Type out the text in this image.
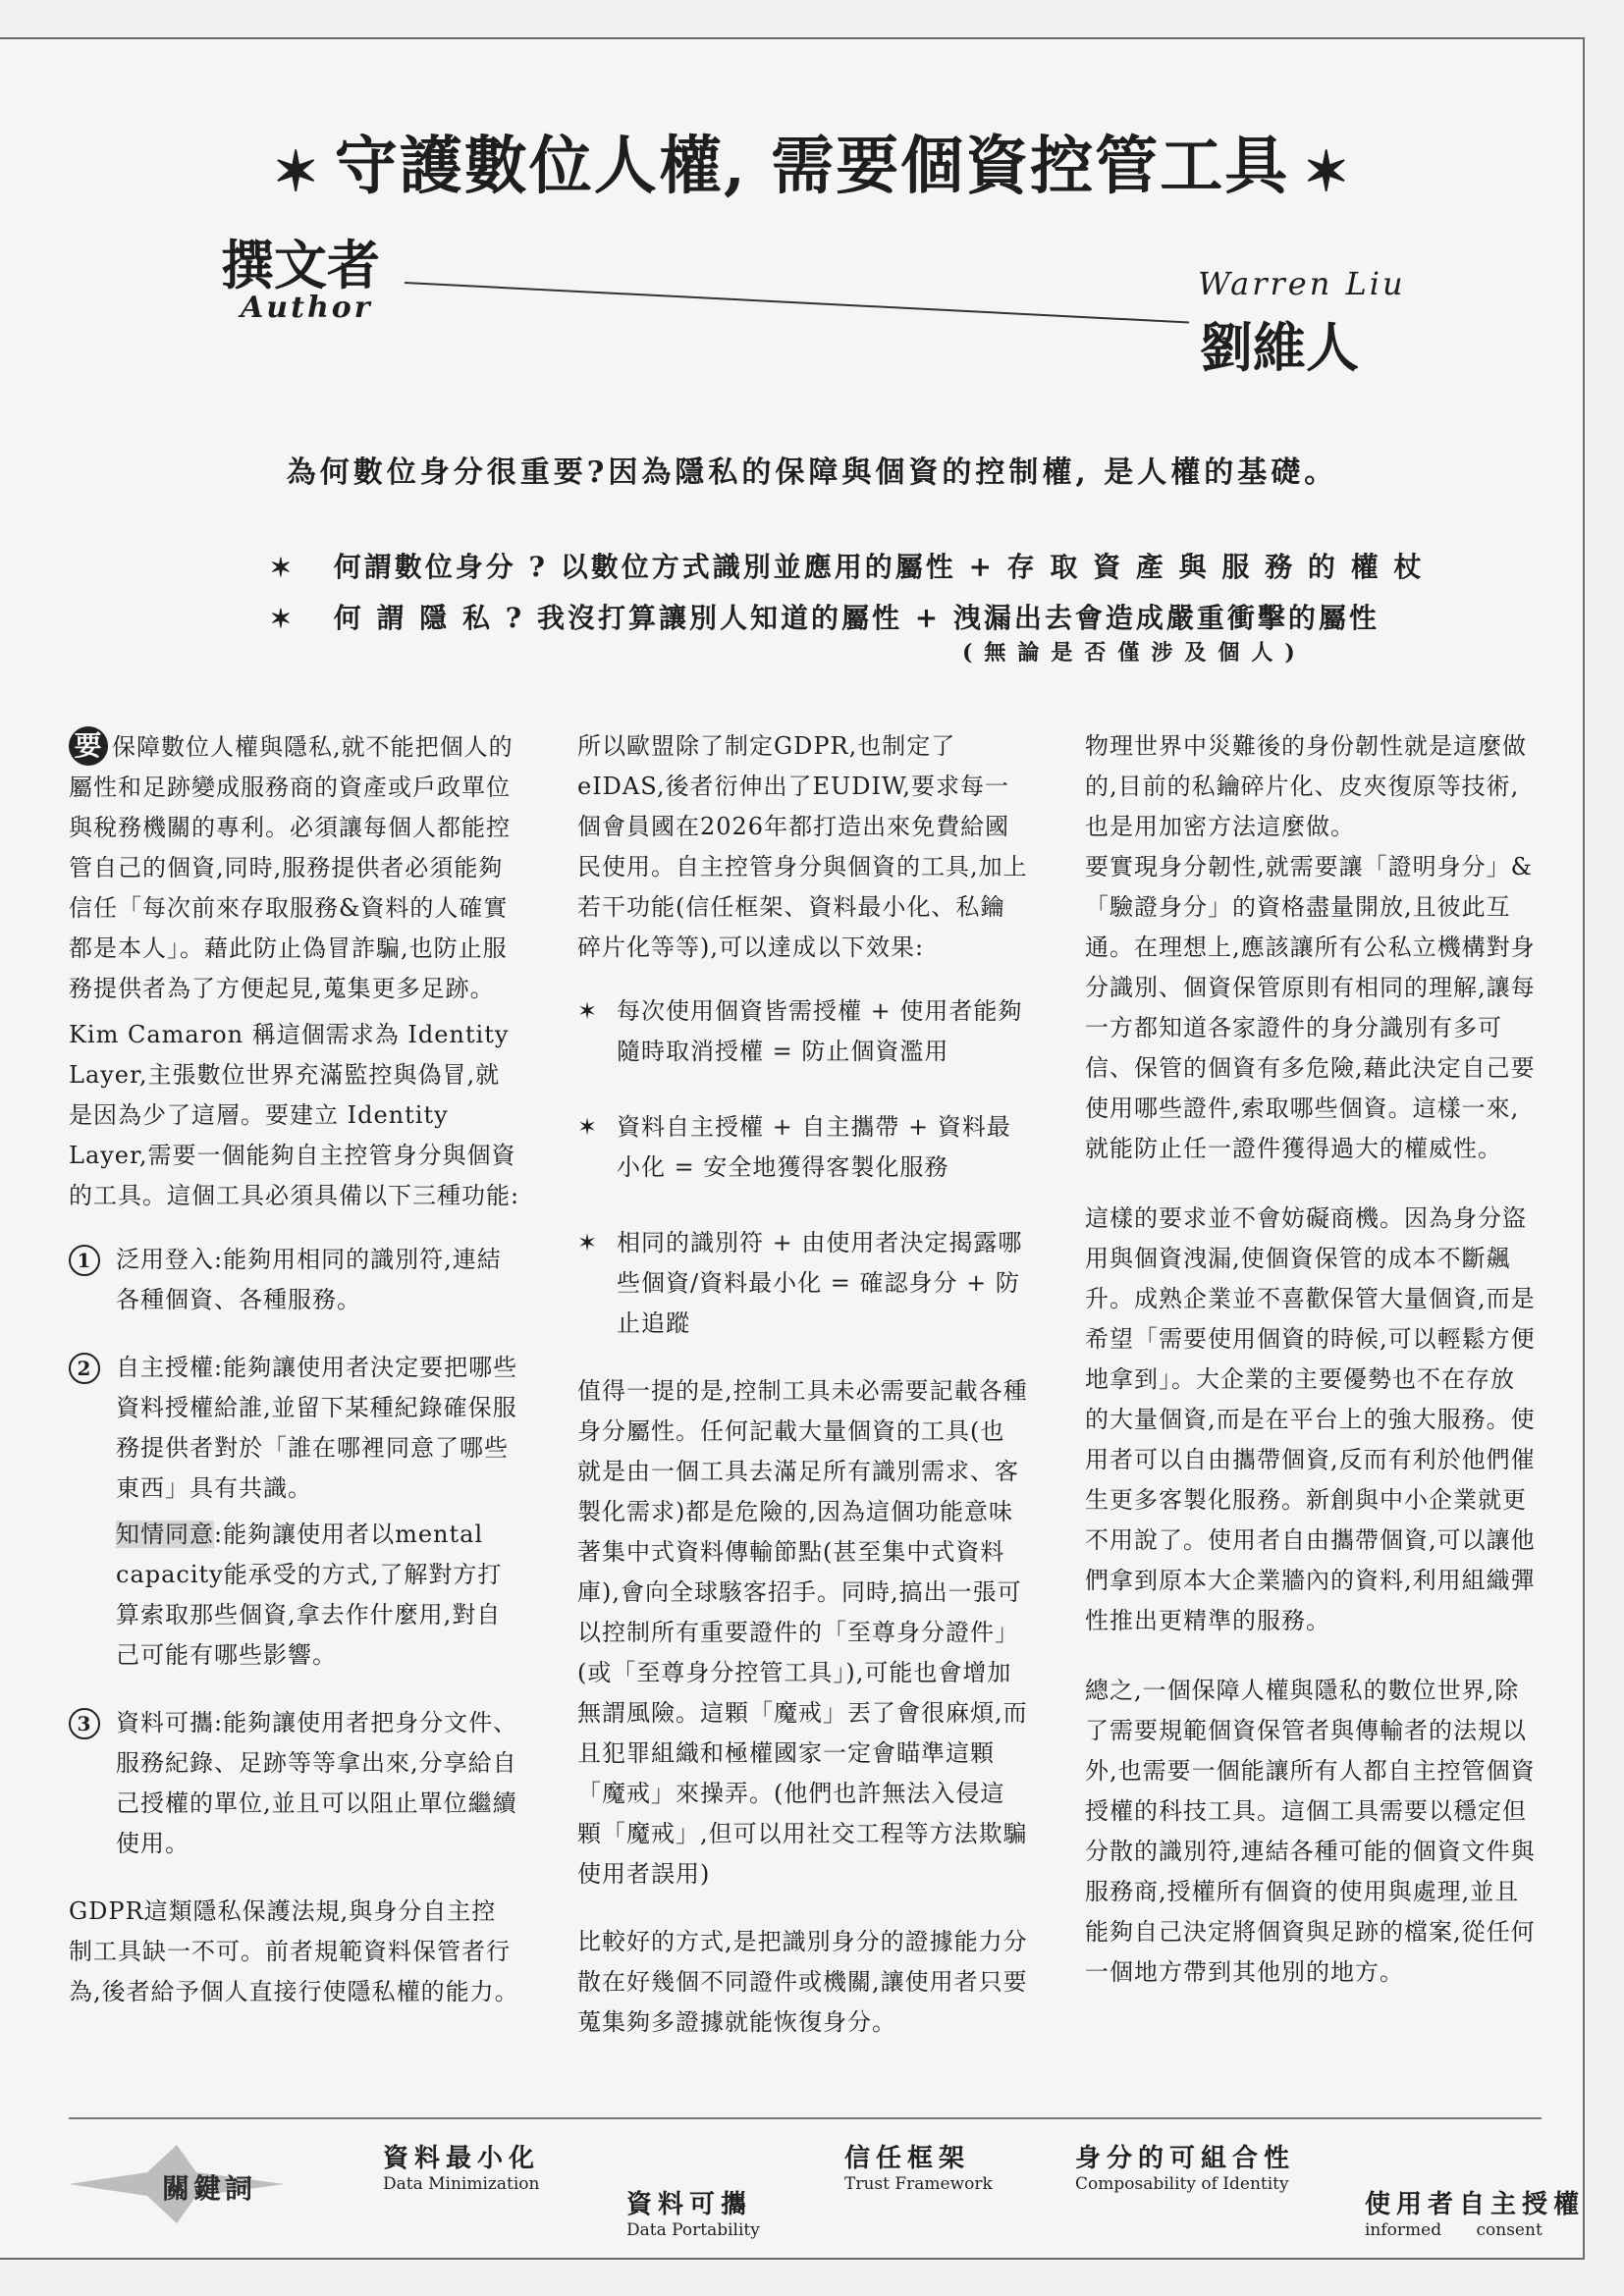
✶ 守護數位人權, 需要個資控管工具 ✶
撰文者
Author
Warren Liu
劉維人
為何數位身分很重要?因為隱私的保障與個資的控制權, 是人權的基礎。
✶ 何謂數位身分 ? 以數位方式識別並應用的屬性 + 存 取 資 產 與 服 務 的 權 杖
✶ 何 謂 隱 私 ? 我沒打算讓別人知道的屬性 + 洩漏出去會造成嚴重衝擊的屬性
(無論是否僅涉及個人)

要 保障數位人權與隱私,就不能把個人的屬性和足跡變成服務商的資產或戶政單位與稅務機關的專利。必須讓每個人都能控管自己的個資,同時,服務提供者必須能夠信任「每次前來存取服務&資料的人確實都是本人」。藉此防止偽冒詐騙,也防止服務提供者為了方便起見,蒐集更多足跡。

Kim Camaron 稱這個需求為 Identity Layer,主張數位世界充滿監控與偽冒,就是因為少了這層。要建立 Identity Layer,需要一個能夠自主控管身分與個資的工具。這個工具必須具備以下三種功能:

1	泛用登入:能夠用相同的識別符,連結各種個資、各種服務。
2	自主授權:能夠讓使用者決定要把哪些資料授權給誰,並留下某種紀錄確保服務提供者對於「誰在哪裡同意了哪些東西」具有共識。
知情同意:能夠讓使用者以mental capacity能承受的方式,了解對方打算索取那些個資,拿去作什麼用,對自己可能有哪些影響。
3	資料可攜:能夠讓使用者把身分文件、服務紀錄、足跡等等拿出來,分享給自己授權的單位,並且可以阻止單位繼續使用。

GDPR這類隱私保護法規,與身分自主控制工具缺一不可。前者規範資料保管者行為,後者給予個人直接行使隱私權的能力。

所以歐盟除了制定GDPR,也制定了eIDAS,後者衍伸出了EUDIW,要求每一個會員國在2026年都打造出來免費給國民使用。自主控管身分與個資的工具,加上若干功能(信任框架、資料最小化、私鑰碎片化等等),可以達成以下效果:

✶ 每次使用個資皆需授權 + 使用者能夠隨時取消授權 = 防止個資濫用
✶ 資料自主授權 + 自主攜帶 + 資料最小化 = 安全地獲得客製化服務
✶ 相同的識別符 + 由使用者決定揭露哪些個資/資料最小化 = 確認身分 + 防止追蹤

值得一提的是,控制工具未必需要記載各種身分屬性。任何記載大量個資的工具(也就是由一個工具去滿足所有識別需求、客製化需求)都是危險的,因為這個功能意味著集中式資料傳輸節點(甚至集中式資料庫),會向全球駭客招手。同時,搞出一張可以控制所有重要證件的「至尊身分證件」(或「至尊身分控管工具」),可能也會增加無謂風險。這顆「魔戒」丟了會很麻煩,而且犯罪組織和極權國家一定會瞄準這顆「魔戒」來操弄。(他們也許無法入侵這顆「魔戒」,但可以用社交工程等方法欺騙使用者誤用)

比較好的方式,是把識別身分的證據能力分散在好幾個不同證件或機關,讓使用者只要蒐集夠多證據就能恢復身分。

物理世界中災難後的身份韌性就是這麼做的,目前的私鑰碎片化、皮夾復原等技術,也是用加密方法這麼做。

要實現身分韌性,就需要讓「證明身分」&「驗證身分」的資格盡量開放,且彼此互通。在理想上,應該讓所有公私立機構對身分識別、個資保管原則有相同的理解,讓每一方都知道各家證件的身分識別有多可信、保管的個資有多危險,藉此決定自己要使用哪些證件,索取哪些個資。這樣一來,就能防止任一證件獲得過大的權威性。

這樣的要求並不會妨礙商機。因為身分盜用與個資洩漏,使個資保管的成本不斷飆升。成熟企業並不喜歡保管大量個資,而是希望「需要使用個資的時候,可以輕鬆方便地拿到」。大企業的主要優勢也不在存放的大量個資,而是在平台上的強大服務。使用者可以自由攜帶個資,反而有利於他們催生更多客製化服務。新創與中小企業就更不用說了。使用者自由攜帶個資,可以讓他們拿到原本大企業牆內的資料,利用組織彈性推出更精準的服務。

總之,一個保障人權與隱私的數位世界,除了需要規範個資保管者與傳輸者的法規以外,也需要一個能讓所有人都自主控管個資授權的科技工具。這個工具需要以穩定但分散的識別符,連結各種可能的個資文件與服務商,授權所有個資的使用與處理,並且能夠自己決定將個資與足跡的檔案,從任何一個地方帶到其他別的地方。

關鍵詞
資料最小化
Data Minimization
資料可攜
Data Portability
信任框架
Trust Framework
身分的可組合性
Composability of Identity
使用者自主授權
informed consent
